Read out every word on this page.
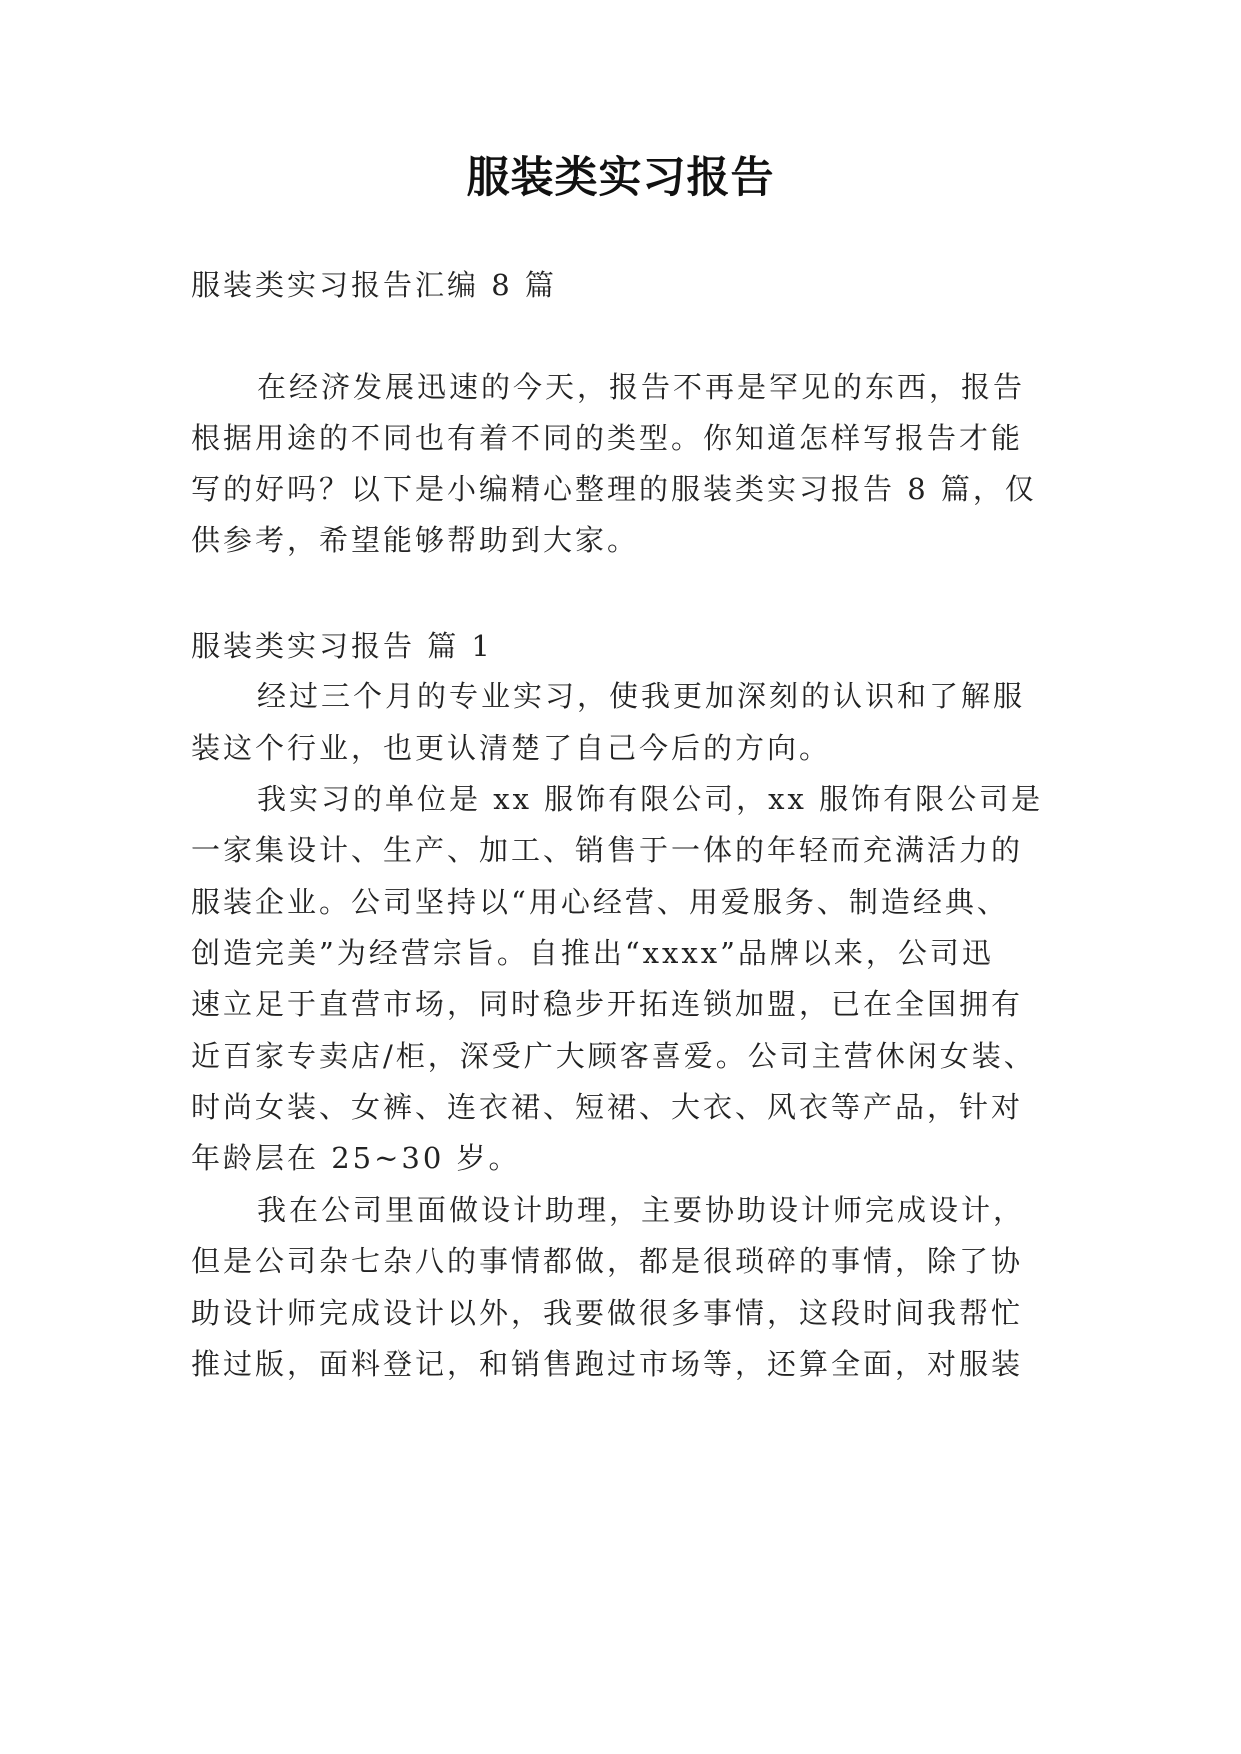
服装类实习报告
服装类实习报告汇编 8 篇
在经济发展迅速的今天，报告不再是罕见的东西，报告
根据用途的不同也有着不同的类型。你知道怎样写报告才能
写的好吗？以下是小编精心整理的服装类实习报告 8 篇，仅
供参考，希望能够帮助到大家。
服装类实习报告 篇 1
经过三个月的专业实习，使我更加深刻的认识和了解服
装这个行业，也更认清楚了自己今后的方向。
我实习的单位是 xx 服饰有限公司，xx 服饰有限公司是
一家集设计、生产、加工、销售于一体的年轻而充满活力的
服装企业。公司坚持以“用心经营、用爱服务、制造经典、
创造完美”为经营宗旨。自推出“xxxx”品牌以来，公司迅
速立足于直营市场，同时稳步开拓连锁加盟，已在全国拥有
近百家专卖店/柜，深受广大顾客喜爱。公司主营休闲女装、
时尚女装、女裤、连衣裙、短裙、大衣、风衣等产品，针对
年龄层在 25~30 岁。
我在公司里面做设计助理，主要协助设计师完成设计，
但是公司杂七杂八的事情都做，都是很琐碎的事情，除了协
助设计师完成设计以外，我要做很多事情，这段时间我帮忙
推过版，面料登记，和销售跑过市场等，还算全面，对服装
